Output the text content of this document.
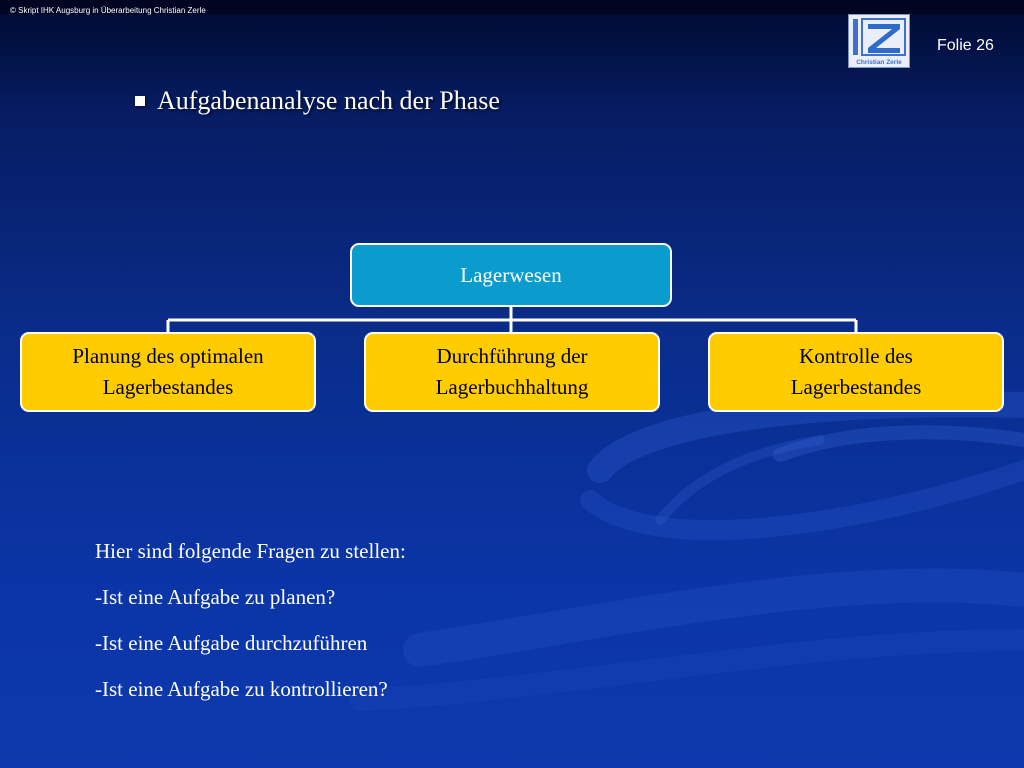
© Skript IHK Augsburg in Überarbeitung Christian Zerle
Christian Zerle
Folie 26
Aufgabenanalyse nach der Phase
Lagerwesen
Planung des optimalen
Lagerbestandes
Durchführung der
Lagerbuchhaltung
Kontrolle des
Lagerbestandes
Hier sind folgende Fragen zu stellen:
-Ist eine Aufgabe zu planen?
-Ist eine Aufgabe durchzuführen
-Ist eine Aufgabe zu kontrollieren?
